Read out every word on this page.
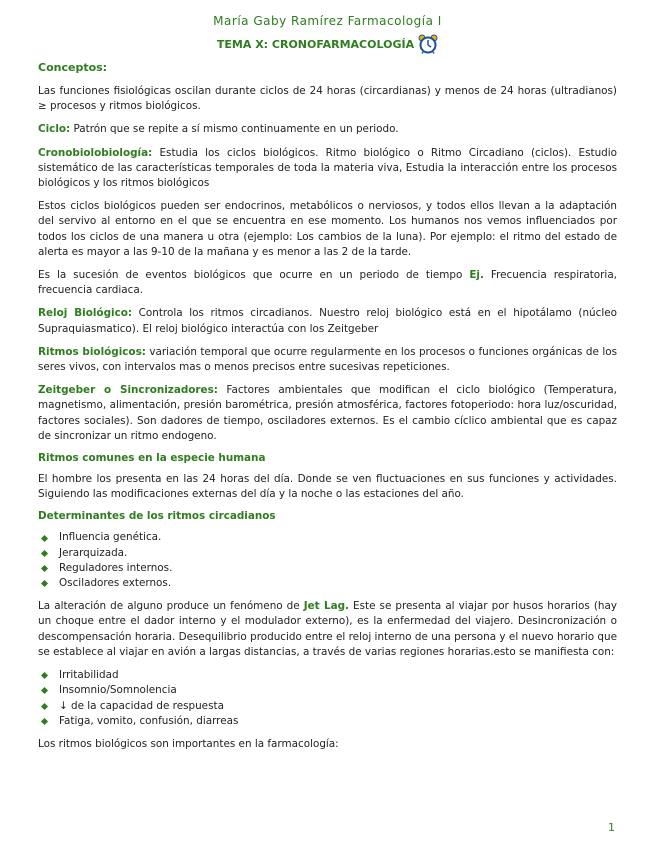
María Gaby Ramírez Farmacología I
TEMA X: CRONOFARMACOLOGÍA
Conceptos:

Las funciones fisiológicas oscilan durante ciclos de 24 horas (circardianas) y menos de 24 horas (ultradianos) ≥ procesos y ritmos biológicos.

Ciclo: Patrón que se repite a sí mismo continuamente en un periodo.

Cronobiolobiología: Estudia los ciclos biológicos. Ritmo biológico o Ritmo Circadiano (ciclos). Estudio sistemático de las características temporales de toda la materia viva, Estudia la interacción entre los procesos biológicos y los ritmos biológicos

Estos ciclos biológicos pueden ser endocrinos, metabólicos o nerviosos, y todos ellos llevan a la adaptación del servivo al entorno en el que se encuentra en ese momento. Los humanos nos vemos influenciados por todos los ciclos de una manera u otra (ejemplo: Los cambios de la luna). Por ejemplo: el ritmo del estado de alerta es mayor a las 9-10 de la mañana y es menor a las 2 de la tarde.

Es la sucesión de eventos biológicos que ocurre en un periodo de tiempo Ej. Frecuencia respiratoria, frecuencia cardiaca.

Reloj Biológico: Controla los ritmos circadianos. Nuestro reloj biológico está en el hipotálamo (núcleo Supraquiasmatico). El reloj biológico interactúa con los Zeitgeber

Ritmos biológicos: variación temporal que ocurre regularmente en los procesos o funciones orgánicas de los seres vivos, con intervalos mas o menos precisos entre sucesivas repeticiones.

Zeitgeber o Sincronizadores: Factores ambientales que modifican el ciclo biológico (Temperatura, magnetismo, alimentación, presión barométrica, presión atmosférica, factores fotoperiodo: hora luz/oscuridad, factores sociales). Son dadores de tiempo, osciladores externos. Es el cambio cíclico ambiental que es capaz de sincronizar un ritmo endogeno.

Ritmos comunes en la especie humana

El hombre los presenta en las 24 horas del día. Donde se ven fluctuaciones en sus funciones y actividades. Siguiendo las modificaciones externas del día y la noche o las estaciones del año.

Determinantes de los ritmos circadianos
Influencia genética.
Jerarquizada.
Reguladores internos.
Osciladores externos.

La alteración de alguno produce un fenómeno de Jet Lag. Este se presenta al viajar por husos horarios (hay un choque entre el dador interno y el modulador externo), es la enfermedad del viajero. Desincronización o descompensación horaria. Desequilibrio producido entre el reloj interno de una persona y el nuevo horario que se establece al viajar en avión a largas distancias, a través de varias regiones horarias.esto se manifiesta con:

Irritabilidad
Insomnio/Somnolencia
↓ de la capacidad de respuesta
Fatiga, vomito, confusión, diarreas

Los ritmos biológicos son importantes en la farmacología:

1
